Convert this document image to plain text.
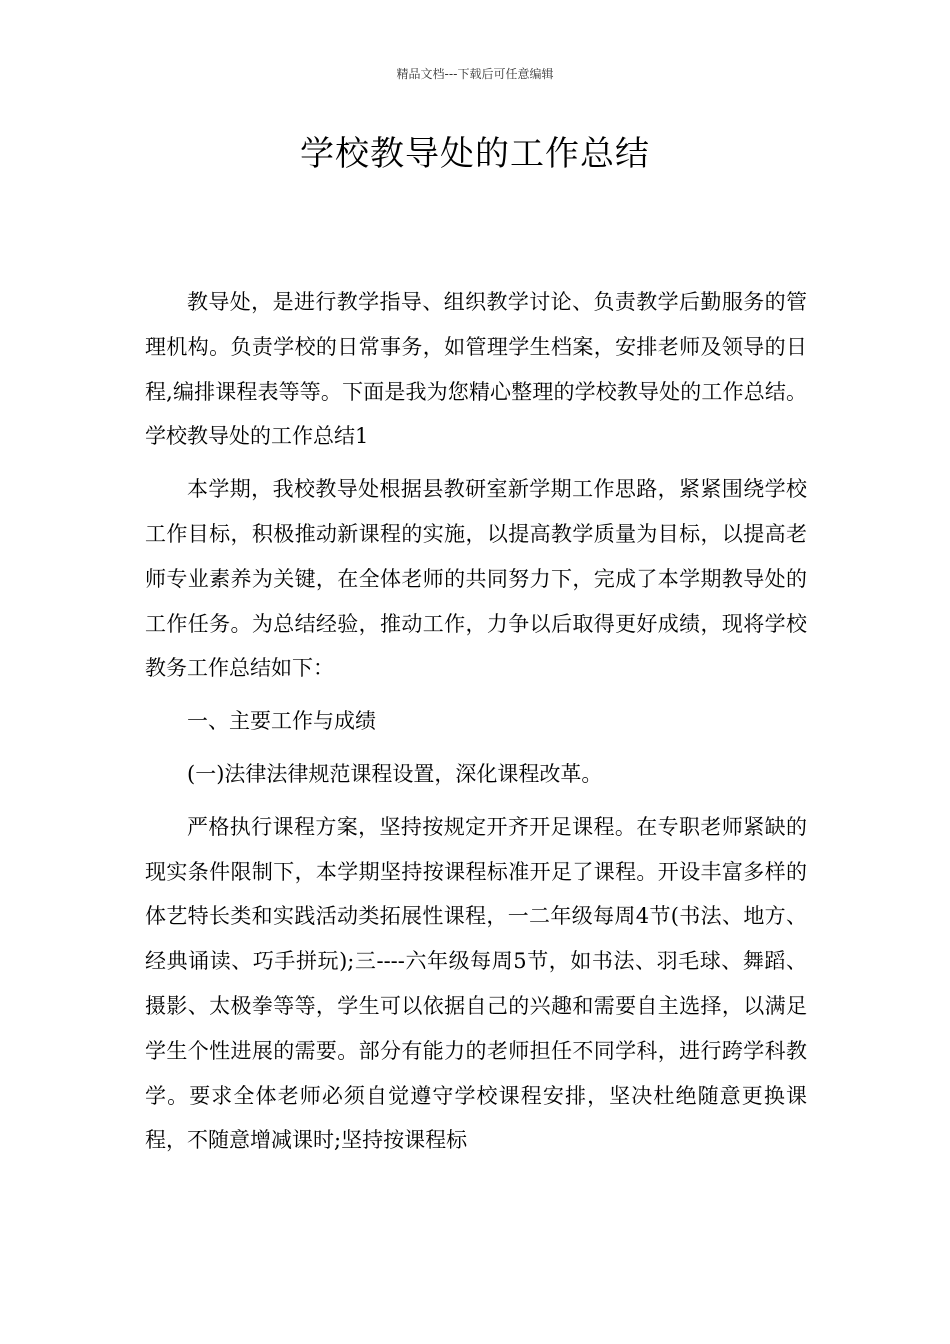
精品文档---下载后可任意编辑
学校教导处的工作总结

教导处，是进行教学指导、组织教学讨论、负责教学后勤服务的管理机构。负责学校的日常事务，如管理学生档案，安排老师及领导的日程,编排课程表等等。下面是我为您精心整理的学校教导处的工作总结。学校教导处的工作总结1

本学期，我校教导处根据县教研室新学期工作思路，紧紧围绕学校工作目标，积极推动新课程的实施，以提高教学质量为目标，以提高老师专业素养为关键，在全体老师的共同努力下，完成了本学期教导处的工作任务。为总结经验，推动工作，力争以后取得更好成绩，现将学校教务工作总结如下：

一、主要工作与成绩

(一)法律法律规范课程设置，深化课程改革。

严格执行课程方案，坚持按规定开齐开足课程。在专职老师紧缺的现实条件限制下，本学期坚持按课程标准开足了课程。开设丰富多样的体艺特长类和实践活动类拓展性课程，一二年级每周4节(书法、地方、经典诵读、巧手拼玩);三----六年级每周5节，如书法、羽毛球、舞蹈、摄影、太极拳等等，学生可以依据自己的兴趣和需要自主选择，以满足学生个性进展的需要。部分有能力的老师担任不同学科，进行跨学科教学。要求全体老师必须自觉遵守学校课程安排，坚决杜绝随意更换课程，不随意增减课时;坚持按课程标
